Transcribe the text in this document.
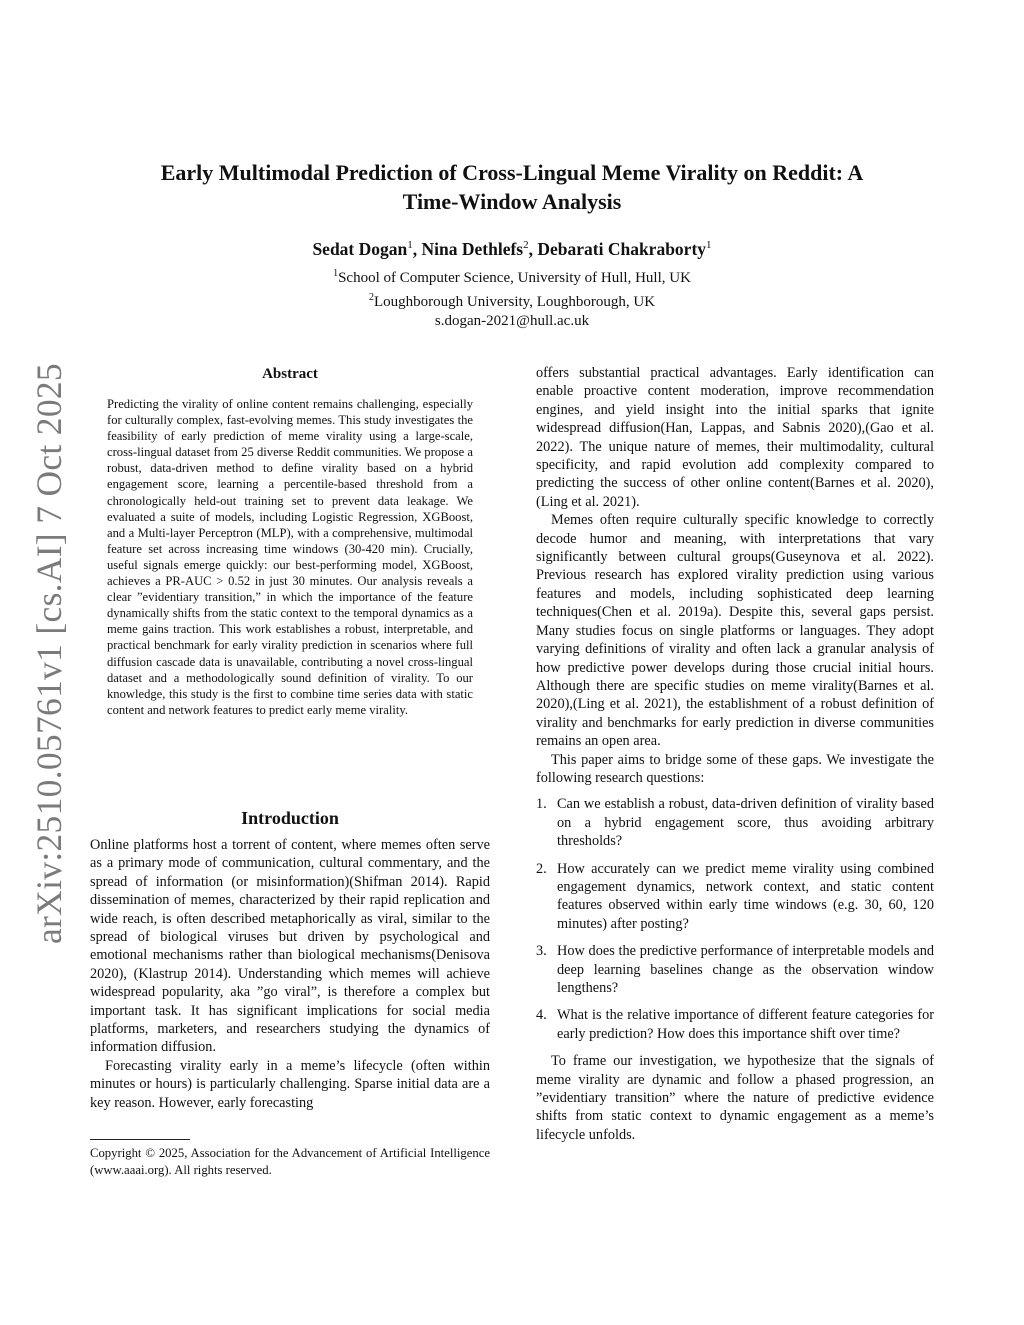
arXiv:2510.05761v1 [cs.AI] 7 Oct 2025
Early Multimodal Prediction of Cross-Lingual Meme Virality on Reddit: A
Time-Window Analysis
Sedat Dogan$^1$, Nina Dethlefs$^2$, Debarati Chakraborty$^1$
$^1$School of Computer Science, University of Hull, Hull, UK
$^2$Loughborough University, Loughborough, UK
s.dogan-2021@hull.ac.uk
Abstract
Predicting the virality of online content remains challenging, especially for culturally complex, fast-evolving memes. This study investigates the feasibility of early prediction of meme virality using a large-scale, cross-lingual dataset from 25 diverse Reddit communities. We propose a robust, data-driven method to define virality based on a hybrid engagement score, learning a percentile-based threshold from a chronologically held-out training set to prevent data leakage. We evaluated a suite of models, including Logistic Regression, XGBoost, and a Multi-layer Perceptron (MLP), with a comprehensive, multimodal feature set across increasing time windows (30-420 min). Crucially, useful signals emerge quickly: our best-performing model, XGBoost, achieves a PR-AUC > 0.52 in just 30 minutes. Our analysis reveals a clear ”evidentiary transition,” in which the importance of the feature dynamically shifts from the static context to the temporal dynamics as a meme gains traction. This work establishes a robust, interpretable, and practical benchmark for early virality prediction in scenarios where full diffusion cascade data is unavailable, contributing a novel cross-lingual dataset and a methodologically sound definition of virality. To our knowledge, this study is the first to combine time series data with static content and network features to predict early meme virality.
Introduction

Online platforms host a torrent of content, where memes often serve as a primary mode of communication, cultural commentary, and the spread of information (or misinformation)(Shifman 2014). Rapid dissemination of memes, characterized by their rapid replication and wide reach, is often described metaphorically as viral, similar to the spread of biological viruses but driven by psychological and emotional mechanisms rather than biological mechanisms(Denisova 2020), (Klastrup 2014). Understanding which memes will achieve widespread popularity, aka ”go viral”, is therefore a complex but important task. It has significant implications for social media platforms, marketers, and researchers studying the dynamics of information diffusion.

Forecasting virality early in a meme’s lifecycle (often within minutes or hours) is particularly challenging. Sparse initial data are a key reason. However, early forecasting

Copyright © 2025, Association for the Advancement of Artificial Intelligence (www.aaai.org). All rights reserved.

offers substantial practical advantages. Early identification can enable proactive content moderation, improve recommendation engines, and yield insight into the initial sparks that ignite widespread diffusion(Han, Lappas, and Sabnis 2020),(Gao et al. 2022). The unique nature of memes, their multimodality, cultural specificity, and rapid evolution add complexity compared to predicting the success of other online content(Barnes et al. 2020),(Ling et al. 2021).

Memes often require culturally specific knowledge to correctly decode humor and meaning, with interpretations that vary significantly between cultural groups(Guseynova et al. 2022). Previous research has explored virality prediction using various features and models, including sophisticated deep learning techniques(Chen et al. 2019a). Despite this, several gaps persist. Many studies focus on single platforms or languages. They adopt varying definitions of virality and often lack a granular analysis of how predictive power develops during those crucial initial hours. Although there are specific studies on meme virality(Barnes et al. 2020),(Ling et al. 2021), the establishment of a robust definition of virality and benchmarks for early prediction in diverse communities remains an open area.

This paper aims to bridge some of these gaps. We investigate the following research questions:

1. Can we establish a robust, data-driven definition of virality based on a hybrid engagement score, thus avoiding arbitrary thresholds?
2. How accurately can we predict meme virality using combined engagement dynamics, network context, and static content features observed within early time windows (e.g. 30, 60, 120 minutes) after posting?
3. How does the predictive performance of interpretable models and deep learning baselines change as the observation window lengthens?
4. What is the relative importance of different feature categories for early prediction? How does this importance shift over time?

To frame our investigation, we hypothesize that the signals of meme virality are dynamic and follow a phased progression, an ”evidentiary transition” where the nature of predictive evidence shifts from static context to dynamic engagement as a meme’s lifecycle unfolds.
